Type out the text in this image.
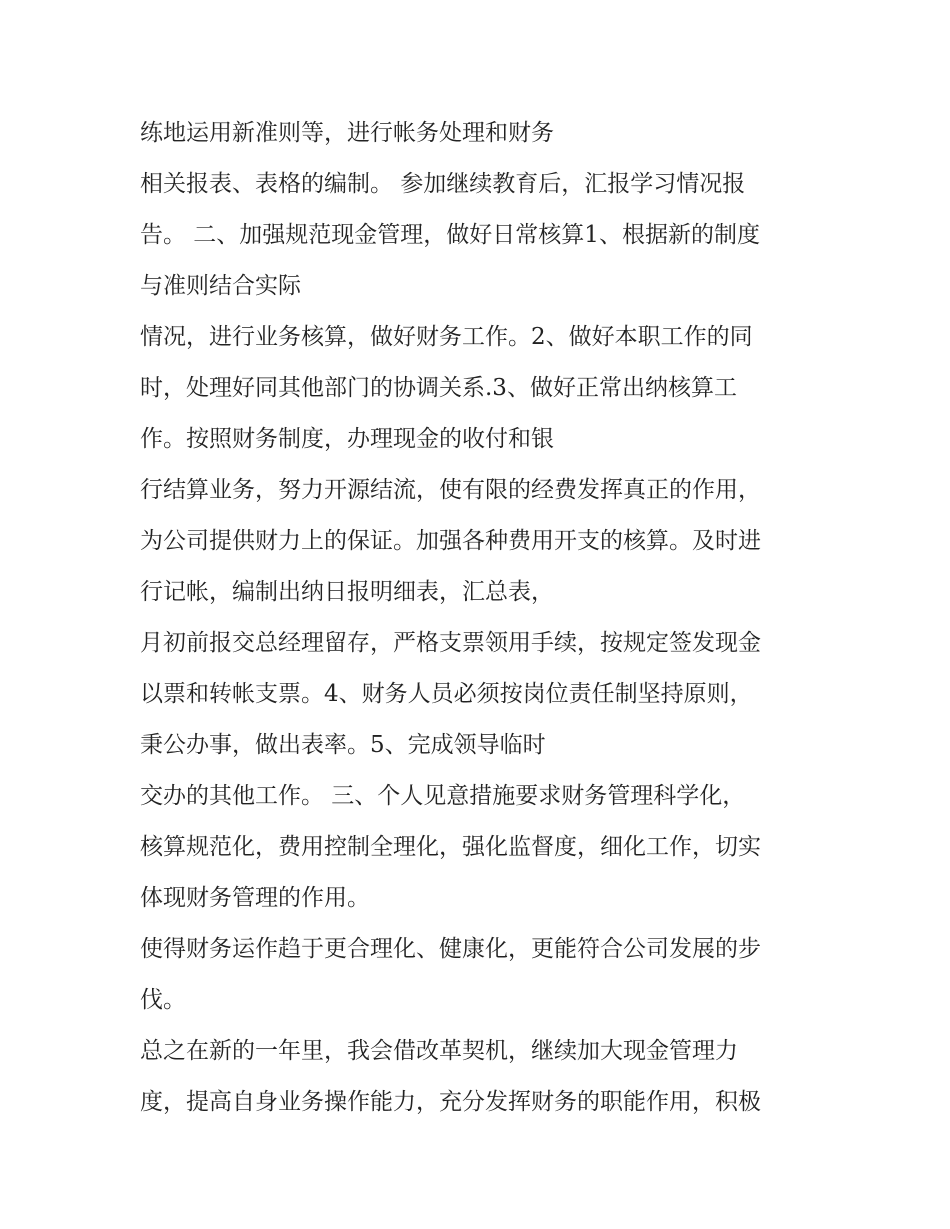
练地运用新准则等，进行帐务处理和财务
相关报表、表格的编制。 参加继续教育后，汇报学习情况报
告。 二、加强规范现金管理，做好日常核算1、根据新的制度
与准则结合实际
情况，进行业务核算，做好财务工作。2、做好本职工作的同
时，处理好同其他部门的协调关系.3、做好正常出纳核算工
作。按照财务制度，办理现金的收付和银
行结算业务，努力开源结流，使有限的经费发挥真正的作用，
为公司提供财力上的保证。加强各种费用开支的核算。及时进
行记帐，编制出纳日报明细表，汇总表，
月初前报交总经理留存，严格支票领用手续，按规定签发现金
以票和转帐支票。4、财务人员必须按岗位责任制坚持原则，
秉公办事，做出表率。5、完成领导临时
交办的其他工作。 三、个人见意措施要求财务管理科学化，
核算规范化，费用控制全理化，强化监督度，细化工作，切实
体现财务管理的作用。
使得财务运作趋于更合理化、健康化，更能符合公司发展的步
伐。
总之在新的一年里，我会借改革契机，继续加大现金管理力
度，提高自身业务操作能力，充分发挥财务的职能作用，积极
